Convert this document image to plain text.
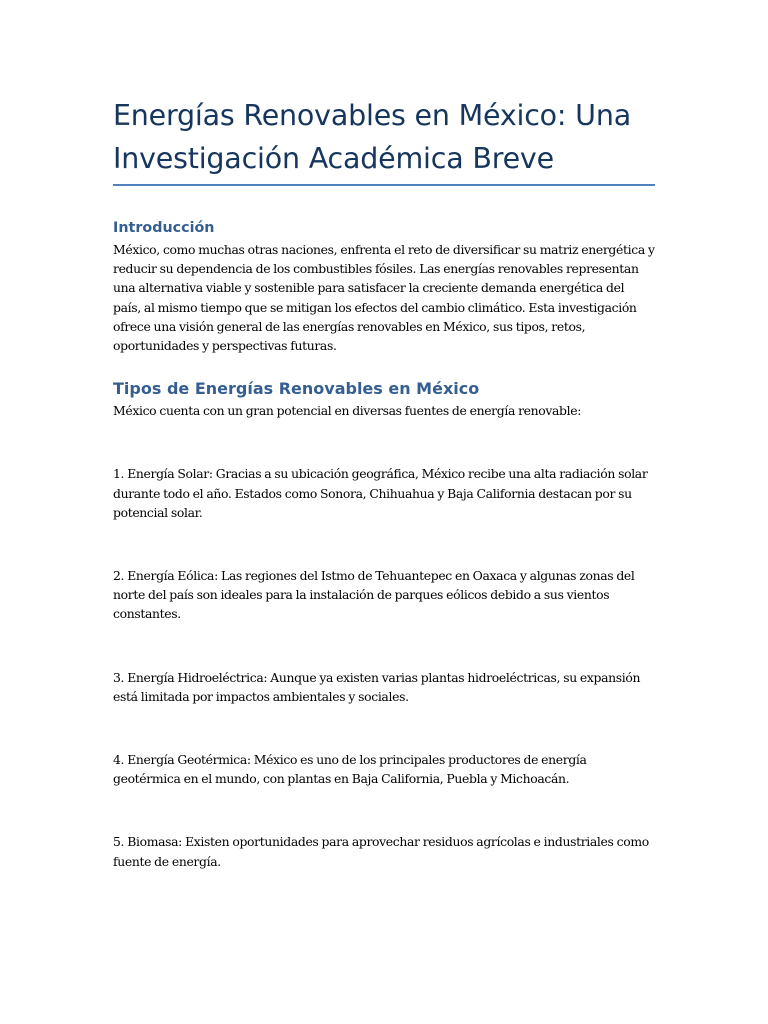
Energías Renovables en México: Una Investigación Académica Breve
Introducción

México, como muchas otras naciones, enfrenta el reto de diversificar su matriz energética y reducir su dependencia de los combustibles fósiles. Las energías renovables representan una alternativa viable y sostenible para satisfacer la creciente demanda energética del país, al mismo tiempo que se mitigan los efectos del cambio climático. Esta investigación ofrece una visión general de las energías renovables en México, sus tipos, retos, oportunidades y perspectivas futuras.

Tipos de Energías Renovables en México

México cuenta con un gran potencial en diversas fuentes de energía renovable:

1. Energía Solar: Gracias a su ubicación geográfica, México recibe una alta radiación solar durante todo el año. Estados como Sonora, Chihuahua y Baja California destacan por su potencial solar.

2. Energía Eólica: Las regiones del Istmo de Tehuantepec en Oaxaca y algunas zonas del norte del país son ideales para la instalación de parques eólicos debido a sus vientos constantes.

3. Energía Hidroeléctrica: Aunque ya existen varias plantas hidroeléctricas, su expansión está limitada por impactos ambientales y sociales.

4. Energía Geotérmica: México es uno de los principales productores de energía geotérmica en el mundo, con plantas en Baja California, Puebla y Michoacán.

5. Biomasa: Existen oportunidades para aprovechar residuos agrícolas e industriales como fuente de energía.
